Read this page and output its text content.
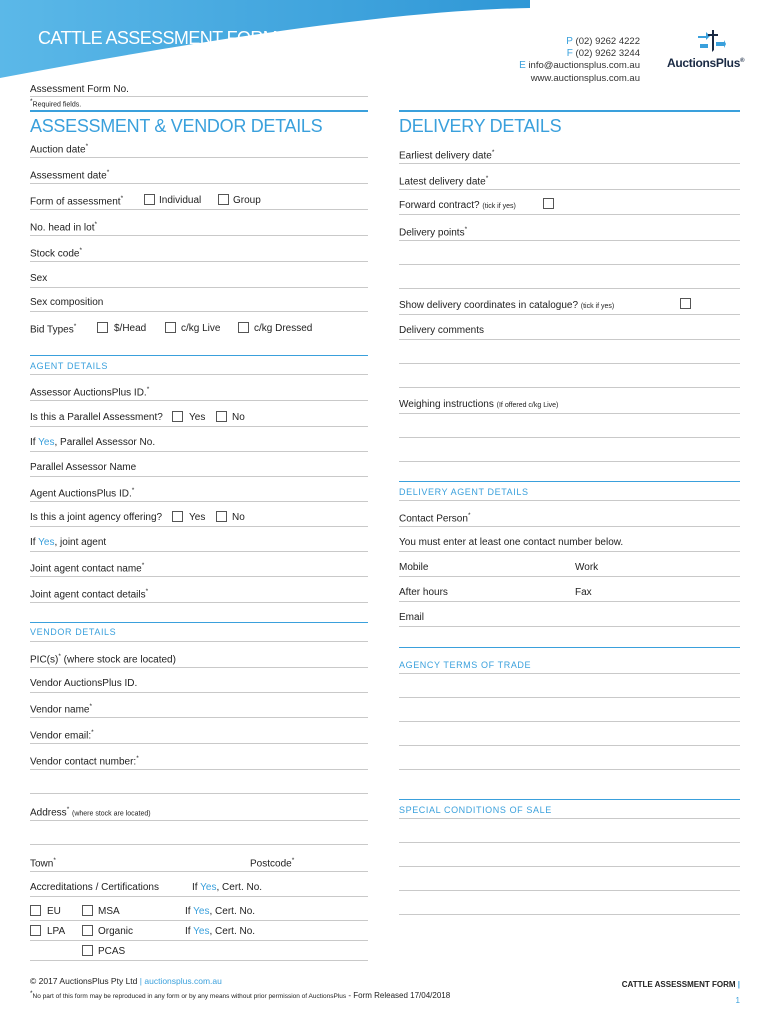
CATTLE ASSESSMENT FORM	P (02) 9262 4222
F (02) 9262 3244
E info@auctionsplus.com.au
www.auctionsplus.com.au
AuctionsPlus®
Assessment Form No.
*Required fields.
ASSESSMENT & VENDOR DETAILS
Auction date*
Assessment date*
Form of assessment*	Individual	Group
No. head in lot*
Stock code*
Sex
Sex composition
Bid Types*	$/Head	c/kg Live	c/kg Dressed
AGENT DETAILS
Assessor AuctionsPlus ID.*
Is this a Parallel Assessment?	Yes	No
If Yes, Parallel Assessor No.
Parallel Assessor Name
Agent AuctionsPlus ID.*
Is this a joint agency offering?	Yes	No
If Yes, joint agent
Joint agent contact name*
Joint agent contact details*
VENDOR DETAILS
PIC(s)* (where stock are located)
Vendor AuctionsPlus ID.
Vendor name*
Vendor email:*
Vendor contact number:*
Address* (where stock are located)
Town*	Postcode*
Accreditations / Certifications	If Yes, Cert. No.
EU	MSA	If Yes, Cert. No.
LPA	Organic	If Yes, Cert. No.
PCAS
DELIVERY DETAILS
Earliest delivery date*
Latest delivery date*
Forward contract? (tick if yes)
Delivery points*
Show delivery coordinates in catalogue? (tick if yes)
Delivery comments
Weighing instructions (If offered c/kg Live)
DELIVERY AGENT DETAILS
Contact Person*
You must enter at least one contact number below.
Mobile	Work
After hours	Fax
Email
AGENCY TERMS OF TRADE
SPECIAL CONDITIONS OF SALE
© 2017 AuctionsPlus Pty Ltd | auctionsplus.com.au
*No part of this form may be reproduced in any form or by any means without prior permission of AuctionsPlus - Form Released 17/04/2018
CATTLE ASSESSMENT FORM |
1
